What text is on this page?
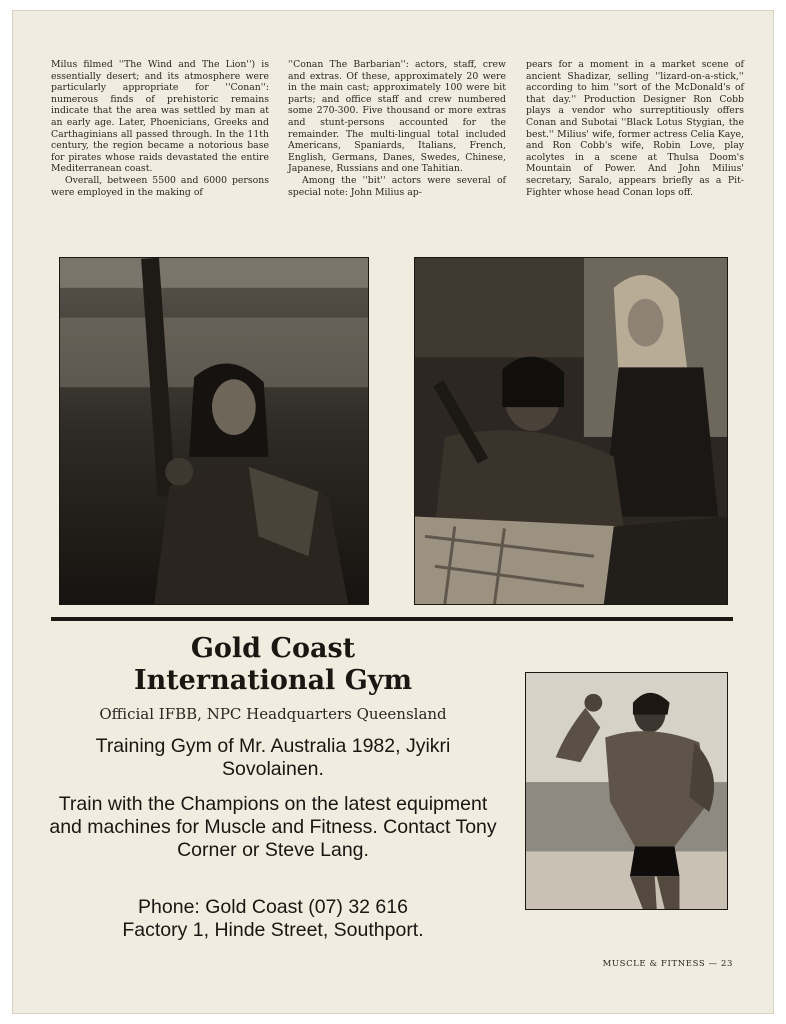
Milus filmed ''The Wind and The Lion'') is essentially desert; and its atmosphere were particularly appropriate for ''Conan'': numerous finds of prehistoric remains indicate that the area was settled by man at an early age. Later, Phoenicians, Greeks and Carthaginians all passed through. In the 11th century, the region became a notorious base for pirates whose raids devastated the entire Mediterranean coast.

Overall, between 5500 and 6000 persons were employed in the making of

''Conan The Barbarian'': actors, staff, crew and extras. Of these, approximately 20 were in the main cast; approximately 100 were bit parts; and office staff and crew numbered some 270-300. Five thousand or more extras and stunt-persons accounted for the remainder. The multi-lingual total included Americans, Spaniards, Italians, French, English, Germans, Danes, Swedes, Chinese, Japanese, Russians and one Tahitian.

Among the ''bit'' actors were several of special note: John Milius ap-

pears for a moment in a market scene of ancient Shadizar, selling ''lizard-on-a-stick,'' according to him ''sort of the McDonald's of that day.'' Production Designer Ron Cobb plays a vendor who surreptitiously offers Conan and Subotai ''Black Lotus Stygian, the best.'' Milius' wife, former actress Celia Kaye, and Ron Cobb's wife, Robin Love, play acolytes in a scene at Thulsa Doom's Mountain of Power. And John Milius' secretary, Saralo, appears briefly as a Pit-Fighter whose head Conan lops off.

Gold Coast
International Gym
Official IFBB, NPC Headquarters Queensland
Training Gym of Mr. Australia 1982, Jyikri Sovolainen.
Train with the Champions on the latest equipment and machines for Muscle and Fitness. Contact Tony Corner or Steve Lang.
Phone: Gold Coast (07) 32 616
Factory 1, Hinde Street, Southport.
MUSCLE & FITNESS — 23
